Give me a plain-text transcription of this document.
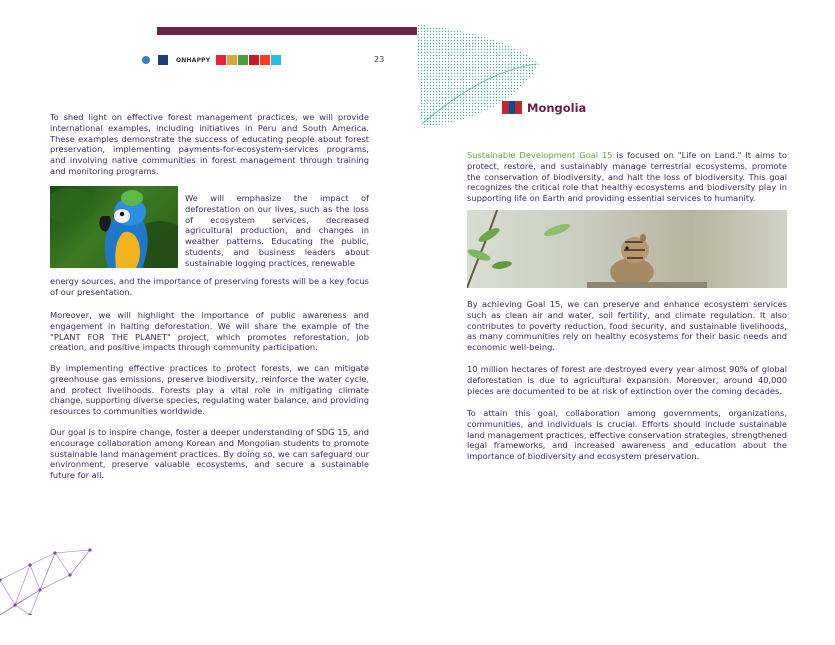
ONHAPPY	23

To shed light on effective forest management practices, we will provide international examples, including initiatives in Peru and South America. These examples demonstrate the success of educating people about forest preservation, implementing payments-for-ecosystem-services programs, and involving native communities in forest management through training and monitoring programs.

We will emphasize the impact of deforestation on our lives, such as the loss of ecosystem services, decreased agricultural production, and changes in weather patterns. Educating the public, students, and business leaders about sustainable logging practices, renewable

energy sources, and the importance of preserving forests will be a key focus of our presentation.

Moreover, we will highlight the importance of public awareness and engagement in halting deforestation. We will share the example of the "PLANT FOR THE PLANET" project, which promotes reforestation, job creation, and positive impacts through community participation.

By implementing effective practices to protect forests, we can mitigate greenhouse gas emissions, preserve biodiversity, reinforce the water cycle, and protect livelihoods. Forests play a vital role in mitigating climate change, supporting diverse species, regulating water balance, and providing resources to communities worldwide.

Our goal is to inspire change, foster a deeper understanding of SDG 15, and encourage collaboration among Korean and Mongolian students to promote sustainable land management practices. By doing so, we can safeguard our environment, preserve valuable ecosystems, and secure a sustainable future for all.

Mongolia

Sustainable Development Goal 15 is focused on "Life on Land." It aims to protect, restore, and sustainably manage terrestrial ecosystems, promote the conservation of biodiversity, and halt the loss of biodiversity. This goal recognizes the critical role that healthy ecosystems and biodiversity play in supporting life on Earth and providing essential services to humanity.

By achieving Goal 15, we can preserve and enhance ecosystem services such as clean air and water, soil fertility, and climate regulation. It also contributes to poverty reduction, food security, and sustainable livelihoods, as many communities rely on healthy ecosystems for their basic needs and economic well-being.

10 million hectares of forest are destroyed every year almost 90% of global deforestation is due to agricultural expansion. Moreover, around 40,000 pieces are documented to be at risk of extinction over the coming decades.

To attain this goal, collaboration among governments, organizations, communities, and individuals is crucial. Efforts should include sustainable land management practices, effective conservation strategies, strengthened legal frameworks, and increased awareness and education about the importance of biodiversity and ecosystem preservation.
